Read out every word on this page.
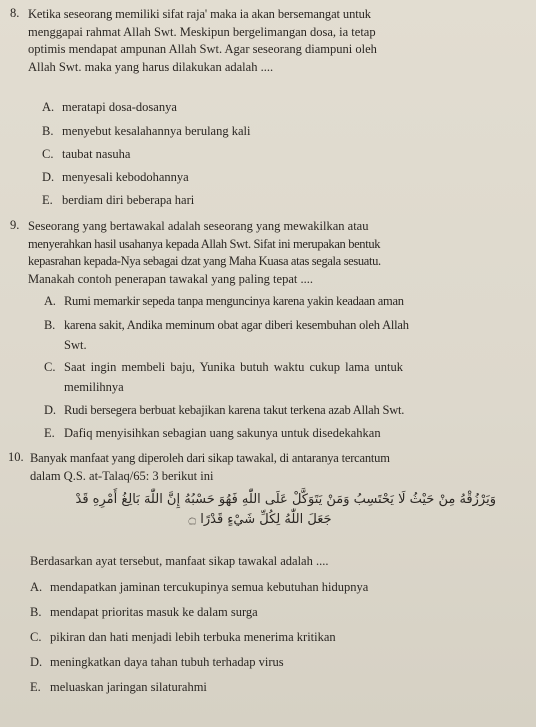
8. Ketika seseorang memiliki sifat raja' maka ia akan bersemangat untuk
menggapai rahmat Allah Swt. Meskipun bergelimangan dosa, ia tetap
optimis mendapat ampunan Allah Swt. Agar seseorang diampuni oleh
Allah Swt. maka yang harus dilakukan adalah ....
A. meratapi dosa-dosanya
B. menyebut kesalahannya berulang kali
C. taubat nasuha
D. menyesali kebodohannya
E. berdiam diri beberapa hari
9. Seseorang yang bertawakal adalah seseorang yang mewakilkan atau
menyerahkan hasil usahanya kepada Allah Swt. Sifat ini merupakan bentuk
kepasrahan kepada-Nya sebagai dzat yang Maha Kuasa atas segala sesuatu.
Manakah contoh penerapan tawakal yang paling tepat ....
A. Rumi memarkir sepeda tanpa menguncinya karena yakin keadaan aman
B. karena sakit, Andika meminum obat agar diberi kesembuhan oleh Allah
Swt.
C. Saat ingin membeli baju, Yunika butuh waktu cukup lama untuk
memilihnya
D. Rudi bersegera berbuat kebajikan karena takut terkena azab Allah Swt.
E. Dafiq menyisihkan sebagian uang sakunya untuk disedekahkan
10. Banyak manfaat yang diperoleh dari sikap tawakal, di antaranya tercantum
dalam Q.S. at-Talaq/65: 3 berikut ini
وَيَرْزُقْهُ مِنْ حَيْثُ لَا يَحْتَسِبُ وَمَنْ يَتَوَكَّلْ عَلَى اللّٰهِ فَهُوَ حَسْبُهُ إِنَّ اللّٰهَ بَالِغُ أَمْرِهِ قَدْ
جَعَلَ اللّٰهُ لِكُلِّ شَيْءٍ قَدْرًا ۝
Berdasarkan ayat tersebut, manfaat sikap tawakal adalah ....
A. mendapatkan jaminan tercukupinya semua kebutuhan hidupnya
B. mendapat prioritas masuk ke dalam surga
C. pikiran dan hati menjadi lebih terbuka menerima kritikan
D. meningkatkan daya tahan tubuh terhadap virus
E. meluaskan jaringan silaturahmi
